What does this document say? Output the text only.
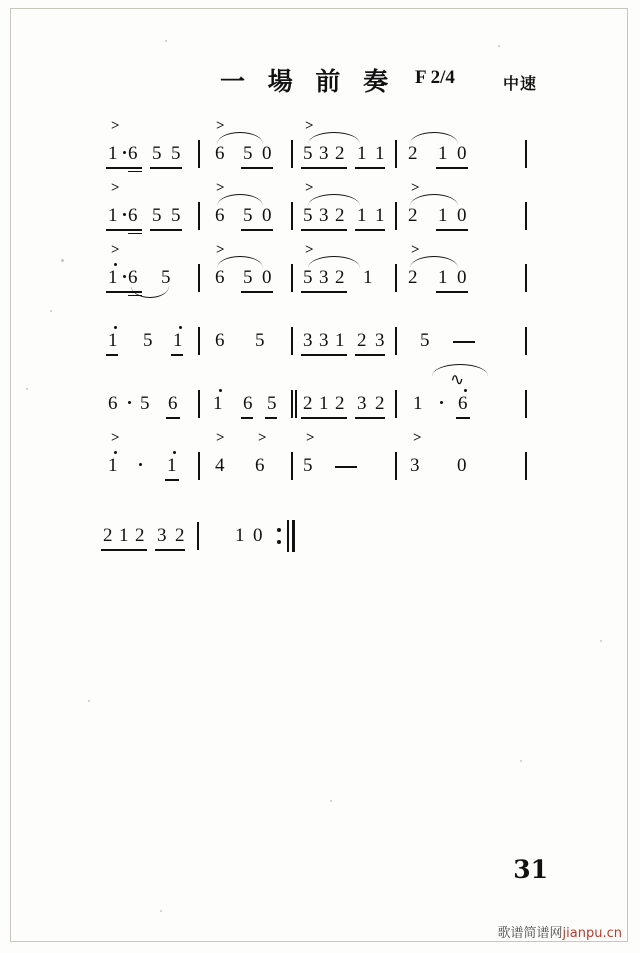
一 場 前 奏 F 2/4	中速
>
1 6 5 5
>
6 5 0
>
5 3 2 1 1 2 1 0
>
1 6 5 5
>
6 5 0
>
5 3 2 1 1
>
2 1 0
>
1 6 5
>
6 5 0
>
5 3 2 1
>
2 1 0
1 5 1 6 5 3 3 1 2 3 5
6 5 6 1 6 5 2 1 2 3 2
∿
1 6
>
1	1
> >
4 6
>
5
>
3 0
2 1 2 3 2	1 0
31
歌谱简谱网jianpu.cn
